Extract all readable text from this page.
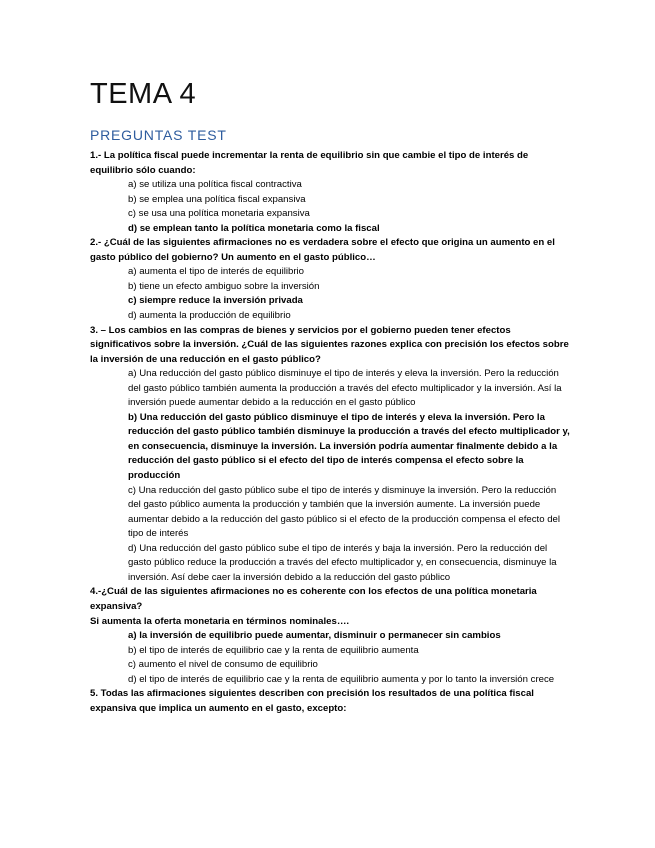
TEMA 4
PREGUNTAS TEST

1.- La política fiscal puede incrementar la renta de equilibrio sin que cambie el tipo de interés de equilibrio sólo cuando:

a) se utiliza una política fiscal contractiva

b) se emplea una política fiscal expansiva

c) se usa una política monetaria expansiva

d) se emplean tanto la política monetaria como la fiscal

2.- ¿Cuál de las siguientes afirmaciones no es verdadera sobre el efecto que origina un aumento en el gasto público del gobierno? Un aumento en el gasto público…

a) aumenta el tipo de interés de equilibrio

b) tiene un efecto ambiguo sobre la inversión

c) siempre reduce la inversión privada

d) aumenta la producción de equilibrio

3. – Los cambios en las compras de bienes y servicios por el gobierno pueden tener efectos significativos sobre la inversión. ¿Cuál de las siguientes razones explica con precisión los efectos sobre la inversión de una reducción en el gasto público?

a) Una reducción del gasto público disminuye el tipo de interés y eleva la inversión. Pero la reducción del gasto público también aumenta la producción a través del efecto multiplicador y la inversión. Así la inversión puede aumentar debido a la reducción en el gasto público

b) Una reducción del gasto público disminuye el tipo de interés y eleva la inversión. Pero la reducción del gasto público también disminuye la producción a través del efecto multiplicador y, en consecuencia, disminuye la inversión. La inversión podría aumentar finalmente debido a la reducción del gasto público si el efecto del tipo de interés compensa el efecto sobre la producción

c) Una reducción del gasto público sube el tipo de interés y disminuye la inversión. Pero la reducción del gasto público aumenta la producción y también que la inversión aumente. La inversión puede aumentar debido a la reducción del gasto público si el efecto de la producción compensa el efecto del tipo de interés

d) Una reducción del gasto público sube el tipo de interés y baja la inversión. Pero la reducción del gasto público reduce la producción a través del efecto multiplicador y, en consecuencia, disminuye la inversión. Así debe caer la inversión debido a la reducción del gasto público

4.-¿Cuál de las siguientes afirmaciones no es coherente con los efectos de una política monetaria expansiva?

Si aumenta la oferta monetaria en términos nominales….

a) la inversión de equilibrio puede aumentar, disminuir o permanecer sin cambios

b) el tipo de interés de equilibrio cae y la renta de equilibrio aumenta

c) aumento el nivel de consumo de equilibrio

d) el tipo de interés de equilibrio cae y la renta de equilibrio aumenta y por lo tanto la inversión crece

5. Todas las afirmaciones siguientes describen con precisión los resultados de una política fiscal expansiva que implica un aumento en el gasto, excepto:
